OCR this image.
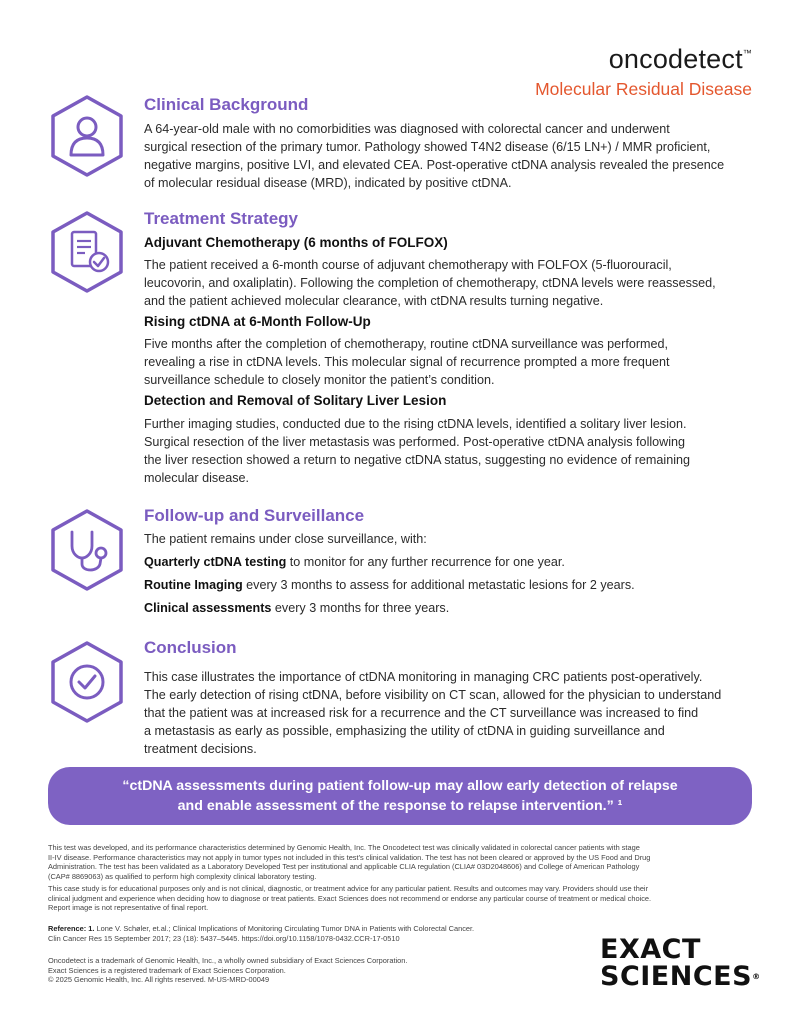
oncodetect™
Molecular Residual Disease
Clinical Background
A 64-year-old male with no comorbidities was diagnosed with colorectal cancer and underwent
surgical resection of the primary tumor. Pathology showed T4N2 disease (6/15 LN+) / MMR proficient,
negative margins, positive LVI, and elevated CEA. Post-operative ctDNA analysis revealed the presence
of molecular residual disease (MRD), indicated by positive ctDNA.
Treatment Strategy
Adjuvant Chemotherapy (6 months of FOLFOX)
The patient received a 6-month course of adjuvant chemotherapy with FOLFOX (5-fluorouracil,
leucovorin, and oxaliplatin). Following the completion of chemotherapy, ctDNA levels were reassessed,
and the patient achieved molecular clearance, with ctDNA results turning negative.
Rising ctDNA at 6-Month Follow-Up
Five months after the completion of chemotherapy, routine ctDNA surveillance was performed,
revealing a rise in ctDNA levels. This molecular signal of recurrence prompted a more frequent
surveillance schedule to closely monitor the patient’s condition.
Detection and Removal of Solitary Liver Lesion
Further imaging studies, conducted due to the rising ctDNA levels, identified a solitary liver lesion.
Surgical resection of the liver metastasis was performed. Post-operative ctDNA analysis following
the liver resection showed a return to negative ctDNA status, suggesting no evidence of remaining
molecular disease.
Follow-up and Surveillance
The patient remains under close surveillance, with:
Quarterly ctDNA testing to monitor for any further recurrence for one year.
Routine Imaging every 3 months to assess for additional metastatic lesions for 2 years.
Clinical assessments every 3 months for three years.
Conclusion
This case illustrates the importance of ctDNA monitoring in managing CRC patients post-operatively.
The early detection of rising ctDNA, before visibility on CT scan, allowed for the physician to understand
that the patient was at increased risk for a recurrence and the CT surveillance was increased to find
a metastasis as early as possible, emphasizing the utility of ctDNA in guiding surveillance and
treatment decisions.
“ctDNA assessments during patient follow-up may allow early detection of relapse
and enable assessment of the response to relapse intervention.” ¹
This test was developed, and its performance characteristics determined by Genomic Health, Inc. The Oncodetect test was clinically validated in colorectal cancer patients with stage
II-IV disease. Performance characteristics may not apply in tumor types not included in this test’s clinical validation. The test has not been cleared or approved by the US Food and Drug
Administration. The test has been validated as a Laboratory Developed Test per institutional and applicable CLIA regulation (CLIA# 03D2048606) and College of American Pathology
(CAP# 8869063) as qualified to perform high complexity clinical laboratory testing.
This case study is for educational purposes only and is not clinical, diagnostic, or treatment advice for any particular patient. Results and outcomes may vary. Providers should use their
clinical judgment and experience when deciding how to diagnose or treat patients. Exact Sciences does not recommend or endorse any particular course of treatment or medical choice.
Report image is not representative of final report.
Reference: 1. Lone V. Schøler, et.al.; Clinical Implications of Monitoring Circulating Tumor DNA in Patients with Colorectal Cancer.
Clin Cancer Res 15 September 2017; 23 (18): 5437–5445. https://doi.org/10.1158/1078-0432.CCR-17-0510
Oncodetect is a trademark of Genomic Health, Inc., a wholly owned subsidiary of Exact Sciences Corporation.
Exact Sciences is a registered trademark of Exact Sciences Corporation.
© 2025 Genomic Health, Inc. All rights reserved. M-US-MRD-00049
EXACT
SCIENCES®
